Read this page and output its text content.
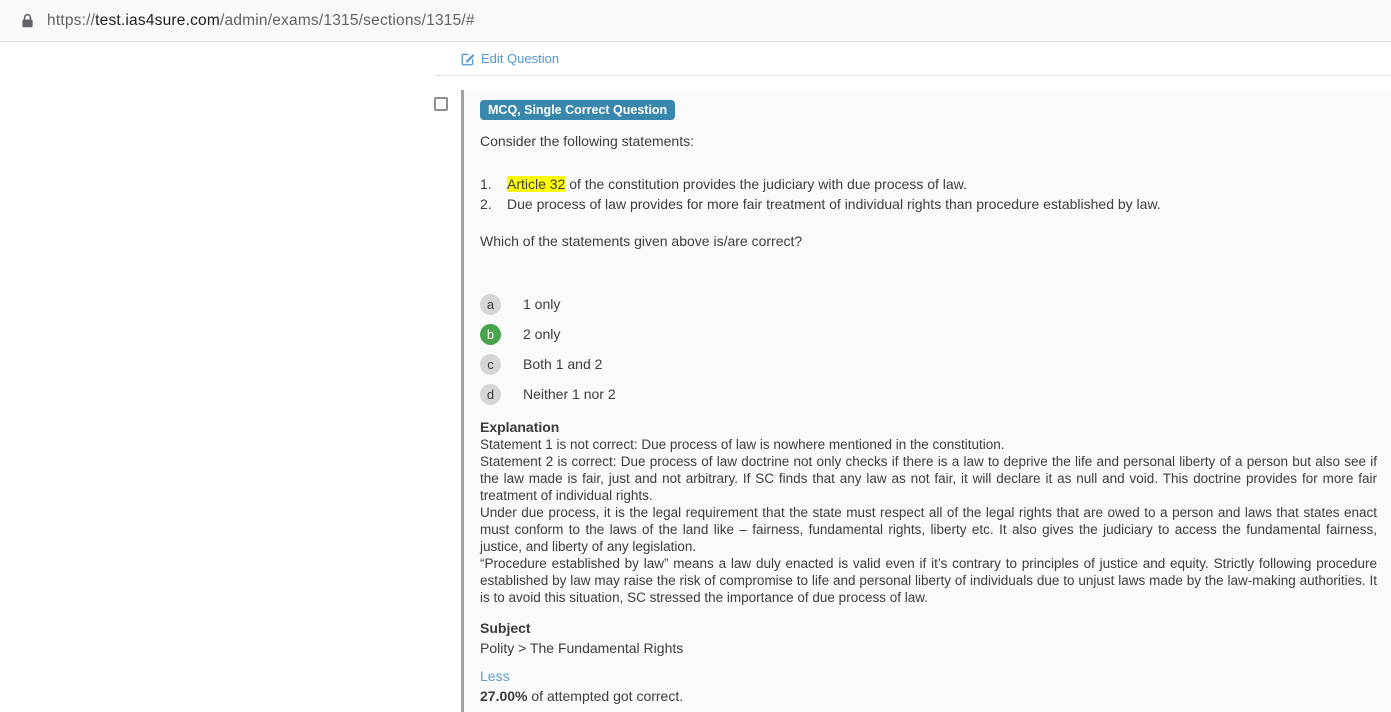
https://test.ias4sure.com/admin/exams/1315/sections/1315/#
Edit Question
MCQ, Single Correct Question
Consider the following statements:
1.	Article 32 of the constitution provides the judiciary with due process of law.
2.	Due process of law provides for more fair treatment of individual rights than procedure established by law.
Which of the statements given above is/are correct?
a	1 only
b	2 only
c	Both 1 and 2
d	Neither 1 nor 2
Explanation
Statement 1 is not correct: Due process of law is nowhere mentioned in the constitution.
Statement 2 is correct: Due process of law doctrine not only checks if there is a law to deprive the life and personal liberty of a person but also see if the law made is fair, just and not arbitrary. If SC finds that any law as not fair, it will declare it as null and void. This doctrine provides for more fair treatment of individual rights.
Under due process, it is the legal requirement that the state must respect all of the legal rights that are owed to a person and laws that states enact must conform to the laws of the land like – fairness, fundamental rights, liberty etc. It also gives the judiciary to access the fundamental fairness, justice, and liberty of any legislation.
“Procedure established by law” means a law duly enacted is valid even if it’s contrary to principles of justice and equity. Strictly following procedure established by law may raise the risk of compromise to life and personal liberty of individuals due to unjust laws made by the law-making authorities. It is to avoid this situation, SC stressed the importance of due process of law.
Subject
Polity > The Fundamental Rights
Less
27.00% of attempted got correct.
